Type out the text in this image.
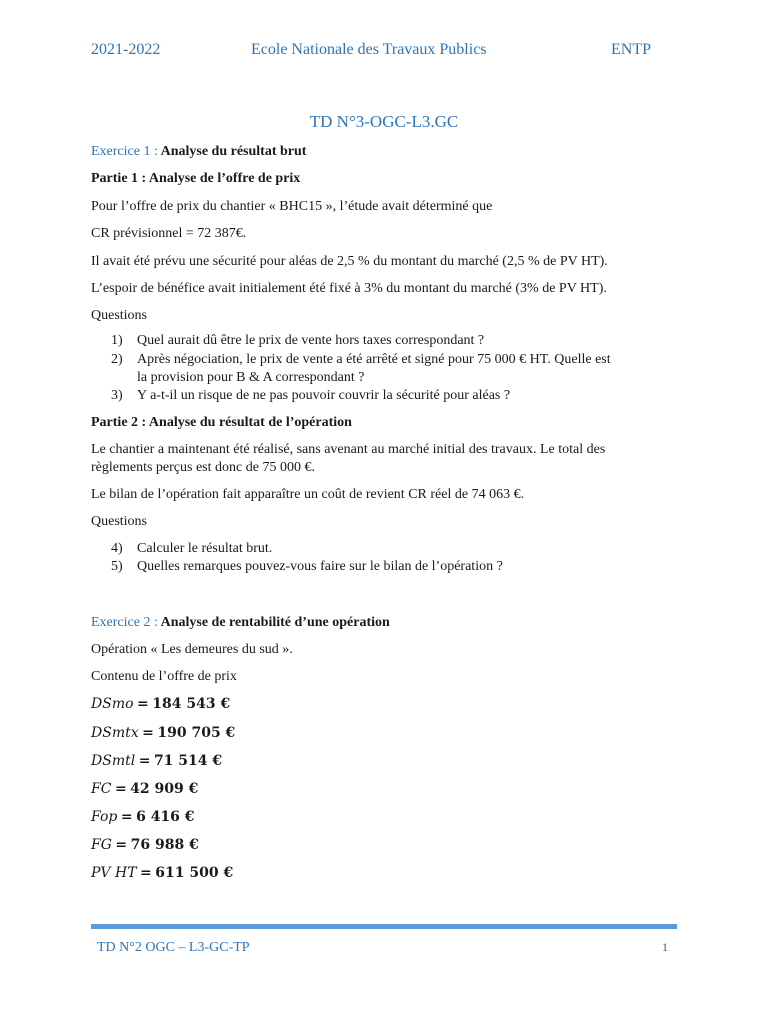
2021-2022	Ecole Nationale des Travaux Publics	ENTP
TD N°3-OGC-L3.GC
Exercice 1 : Analyse du résultat brut
Partie 1 : Analyse de l’offre de prix
Pour l’offre de prix du chantier « BHC15 », l’étude avait déterminé que
CR prévisionnel = 72 387€.
Il avait été prévu une sécurité pour aléas de 2,5 % du montant du marché (2,5 % de PV HT).
L’espoir de bénéfice avait initialement été fixé à 3% du montant du marché (3% de PV HT).
Questions
1) Quel aurait dû être le prix de vente hors taxes correspondant ?
2) Après négociation, le prix de vente a été arrêté et signé pour 75 000 € HT. Quelle est
la provision pour B & A correspondant ?
3) Y a-t-il un risque de ne pas pouvoir couvrir la sécurité pour aléas ?
Partie 2 : Analyse du résultat de l’opération
Le chantier a maintenant été réalisé, sans avenant au marché initial des travaux. Le total des
règlements perçus est donc de 75 000 €.
Le bilan de l’opération fait apparaître un coût de revient CR réel de 74 063 €.
Questions
4) Calculer le résultat brut.
5) Quelles remarques pouvez-vous faire sur le bilan de l’opération ?
Exercice 2 : Analyse de rentabilité d’une opération
Opération « Les demeures du sud ».
Contenu de l’offre de prix
DSmo = 184 543 €
DSmtx = 190 705 €
DSmtl = 71 514 €
FC = 42 909 €
Fop = 6 416 €
FG = 76 988 €
PV HT = 611 500 €
TD N°2 OGC – L3-GC-TP	1
